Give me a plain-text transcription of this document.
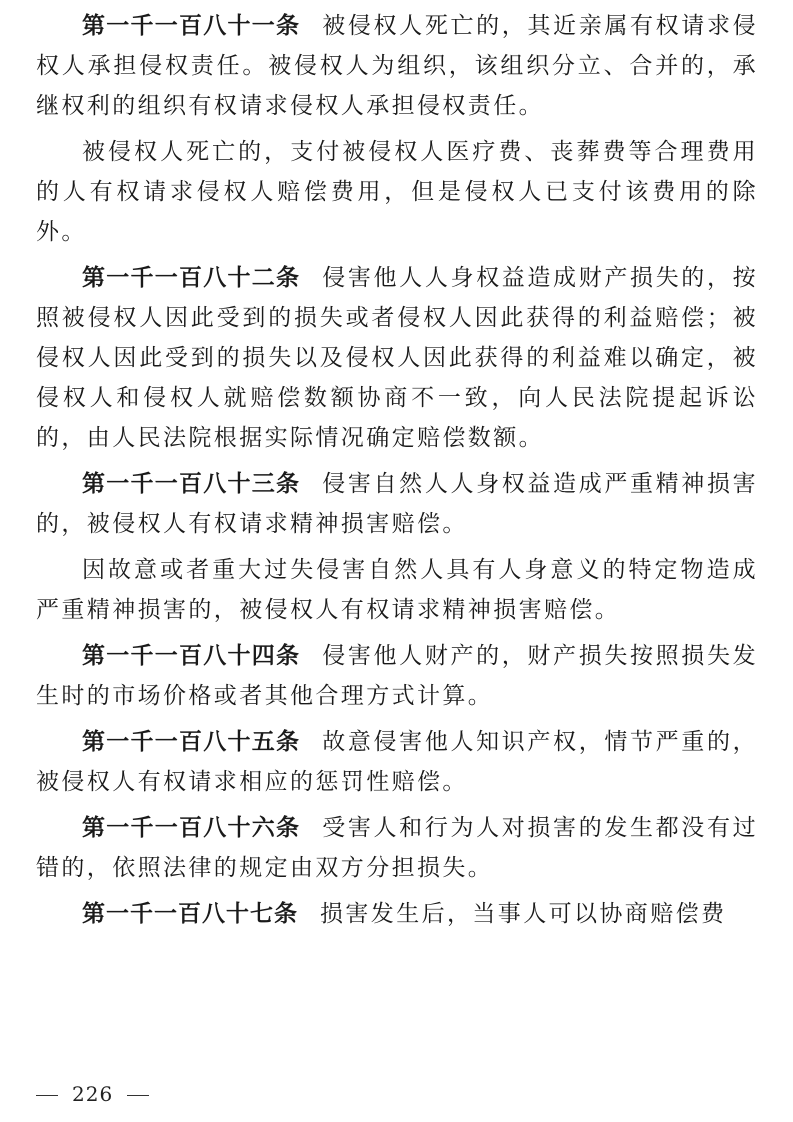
第一千一百八十一条 被侵权人死亡的，其近亲属有权请求侵权人承担侵权责任。被侵权人为组织，该组织分立、合并的，承继权利的组织有权请求侵权人承担侵权责任。

被侵权人死亡的，支付被侵权人医疗费、丧葬费等合理费用的人有权请求侵权人赔偿费用，但是侵权人已支付该费用的除外。

第一千一百八十二条 侵害他人人身权益造成财产损失的，按照被侵权人因此受到的损失或者侵权人因此获得的利益赔偿；被侵权人因此受到的损失以及侵权人因此获得的利益难以确定，被侵权人和侵权人就赔偿数额协商不一致，向人民法院提起诉讼的，由人民法院根据实际情况确定赔偿数额。

第一千一百八十三条 侵害自然人人身权益造成严重精神损害的，被侵权人有权请求精神损害赔偿。

因故意或者重大过失侵害自然人具有人身意义的特定物造成严重精神损害的，被侵权人有权请求精神损害赔偿。

第一千一百八十四条 侵害他人财产的，财产损失按照损失发生时的市场价格或者其他合理方式计算。

第一千一百八十五条 故意侵害他人知识产权，情节严重的，被侵权人有权请求相应的惩罚性赔偿。

第一千一百八十六条 受害人和行为人对损害的发生都没有过错的，依照法律的规定由双方分担损失。

第一千一百八十七条 损害发生后，当事人可以协商赔偿费

226
